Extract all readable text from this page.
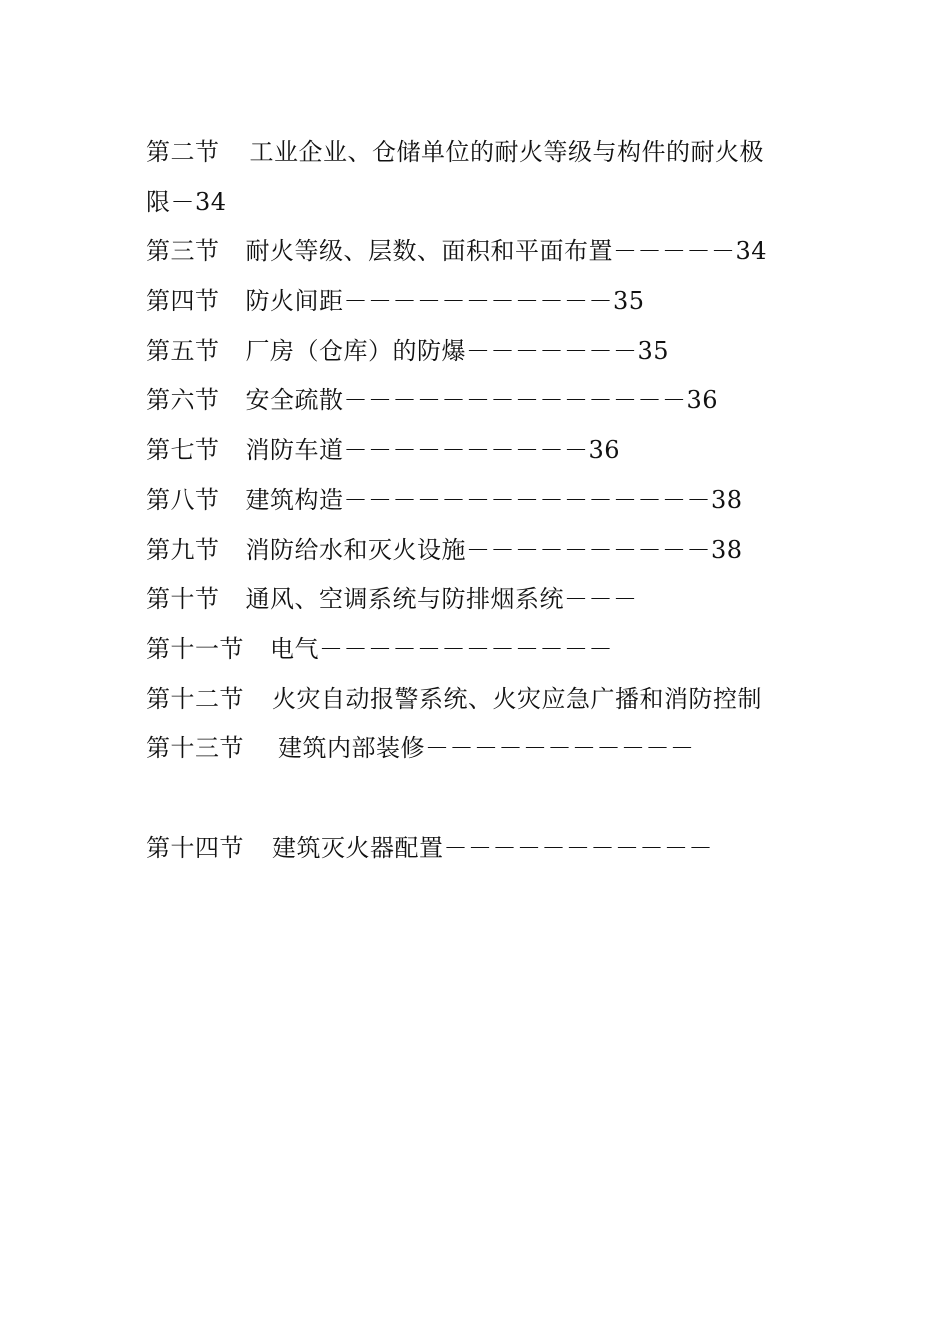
第二节 工业企业、仓储单位的耐火等级与构件的耐火极
限－34
第三节 耐火等级、层数、面积和平面布置－－－－－34
第四节 防火间距－－－－－－－－－－－35
第五节 厂房（仓库）的防爆－－－－－－－35
第六节 安全疏散－－－－－－－－－－－－－－36
第七节 消防车道－－－－－－－－－－36
第八节 建筑构造－－－－－－－－－－－－－－－38
第九节 消防给水和灭火设施－－－－－－－－－－38
第十节 通风、空调系统与防排烟系统－－－
第十一节 电气－－－－－－－－－－－－
第十二节 火灾自动报警系统、火灾应急广播和消防控制
第十三节 建筑内部装修－－－－－－－－－－－
第十四节 建筑灭火器配置－－－－－－－－－－－
